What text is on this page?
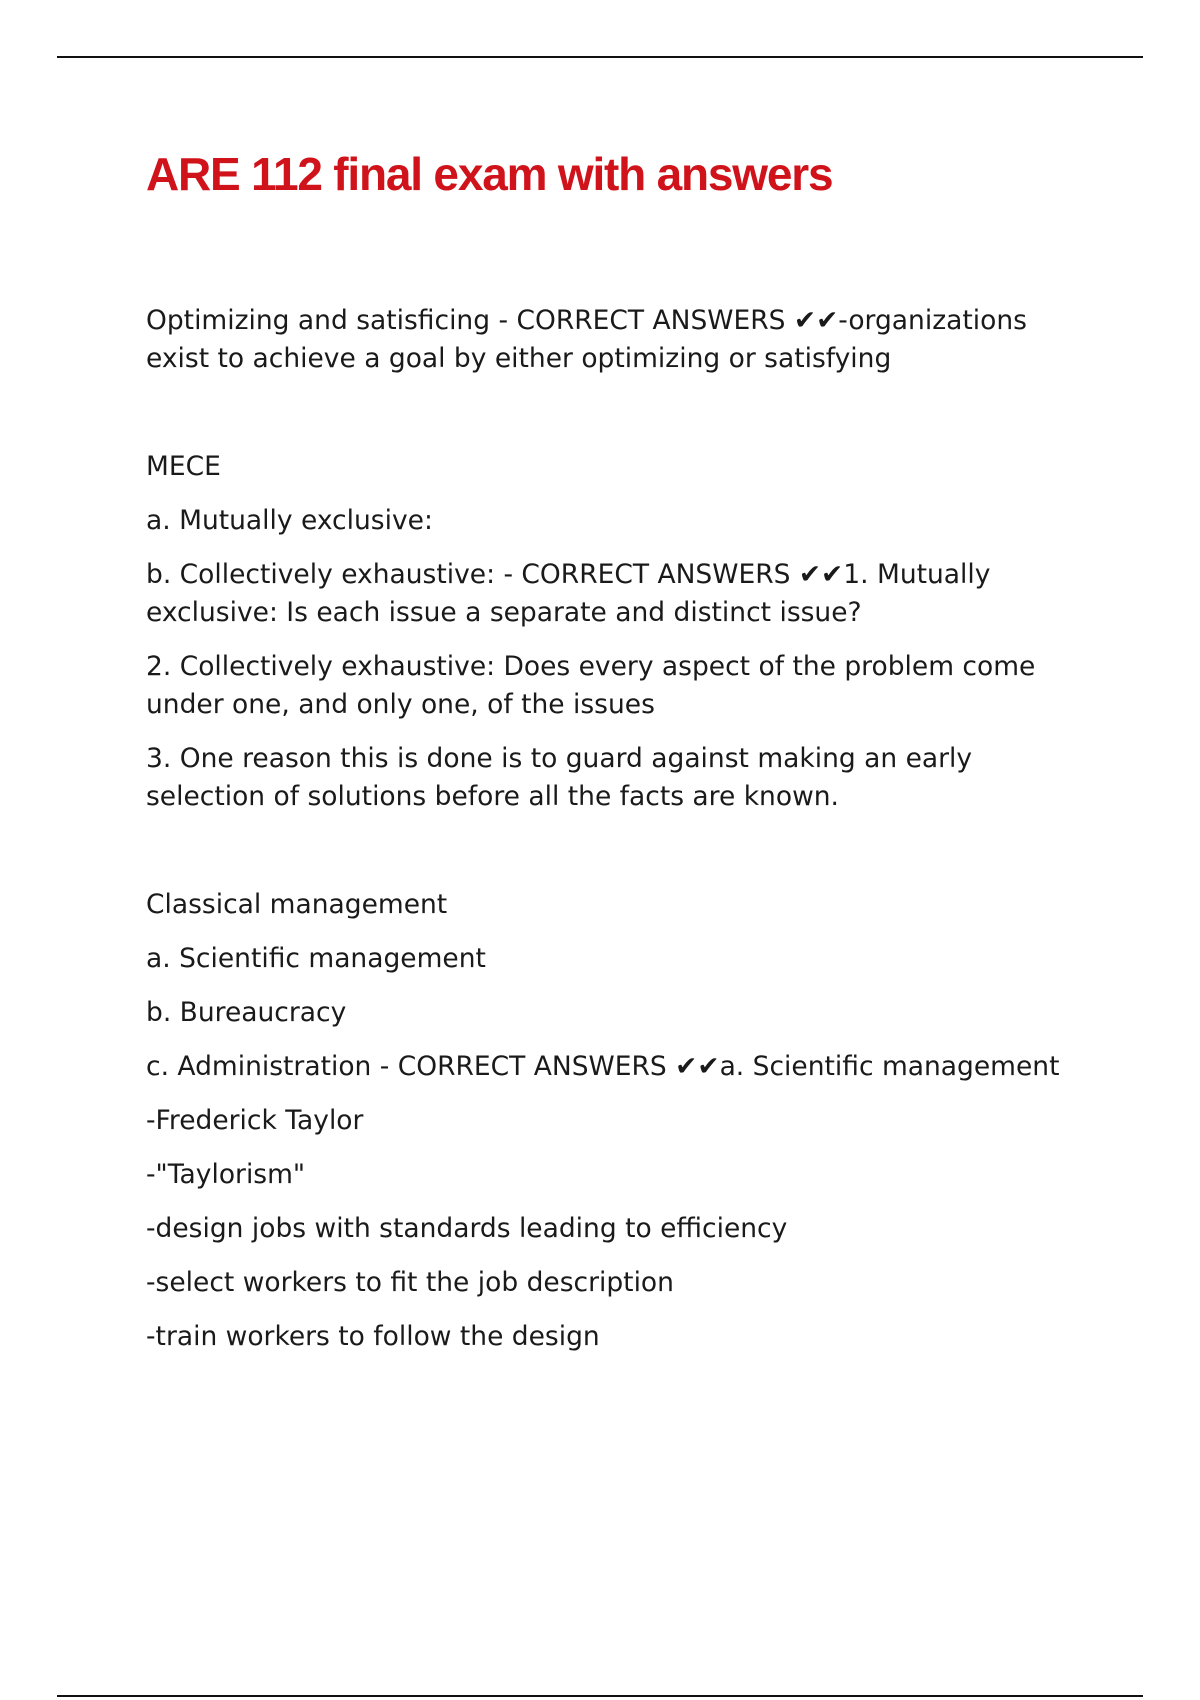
ARE 112 final exam with answers

Optimizing and satisficing - CORRECT ANSWERS ✔✔-organizations exist to achieve a goal by either optimizing or satisfying

MECE

a. Mutually exclusive:

b. Collectively exhaustive: - CORRECT ANSWERS ✔✔1. Mutually exclusive: Is each issue a separate and distinct issue?

2. Collectively exhaustive: Does every aspect of the problem come under one, and only one, of the issues

3. One reason this is done is to guard against making an early selection of solutions before all the facts are known.

Classical management

a. Scientific management

b. Bureaucracy

c. Administration - CORRECT ANSWERS ✔✔a. Scientific management

-Frederick Taylor

-"Taylorism"

-design jobs with standards leading to efficiency

-select workers to fit the job description

-train workers to follow the design
